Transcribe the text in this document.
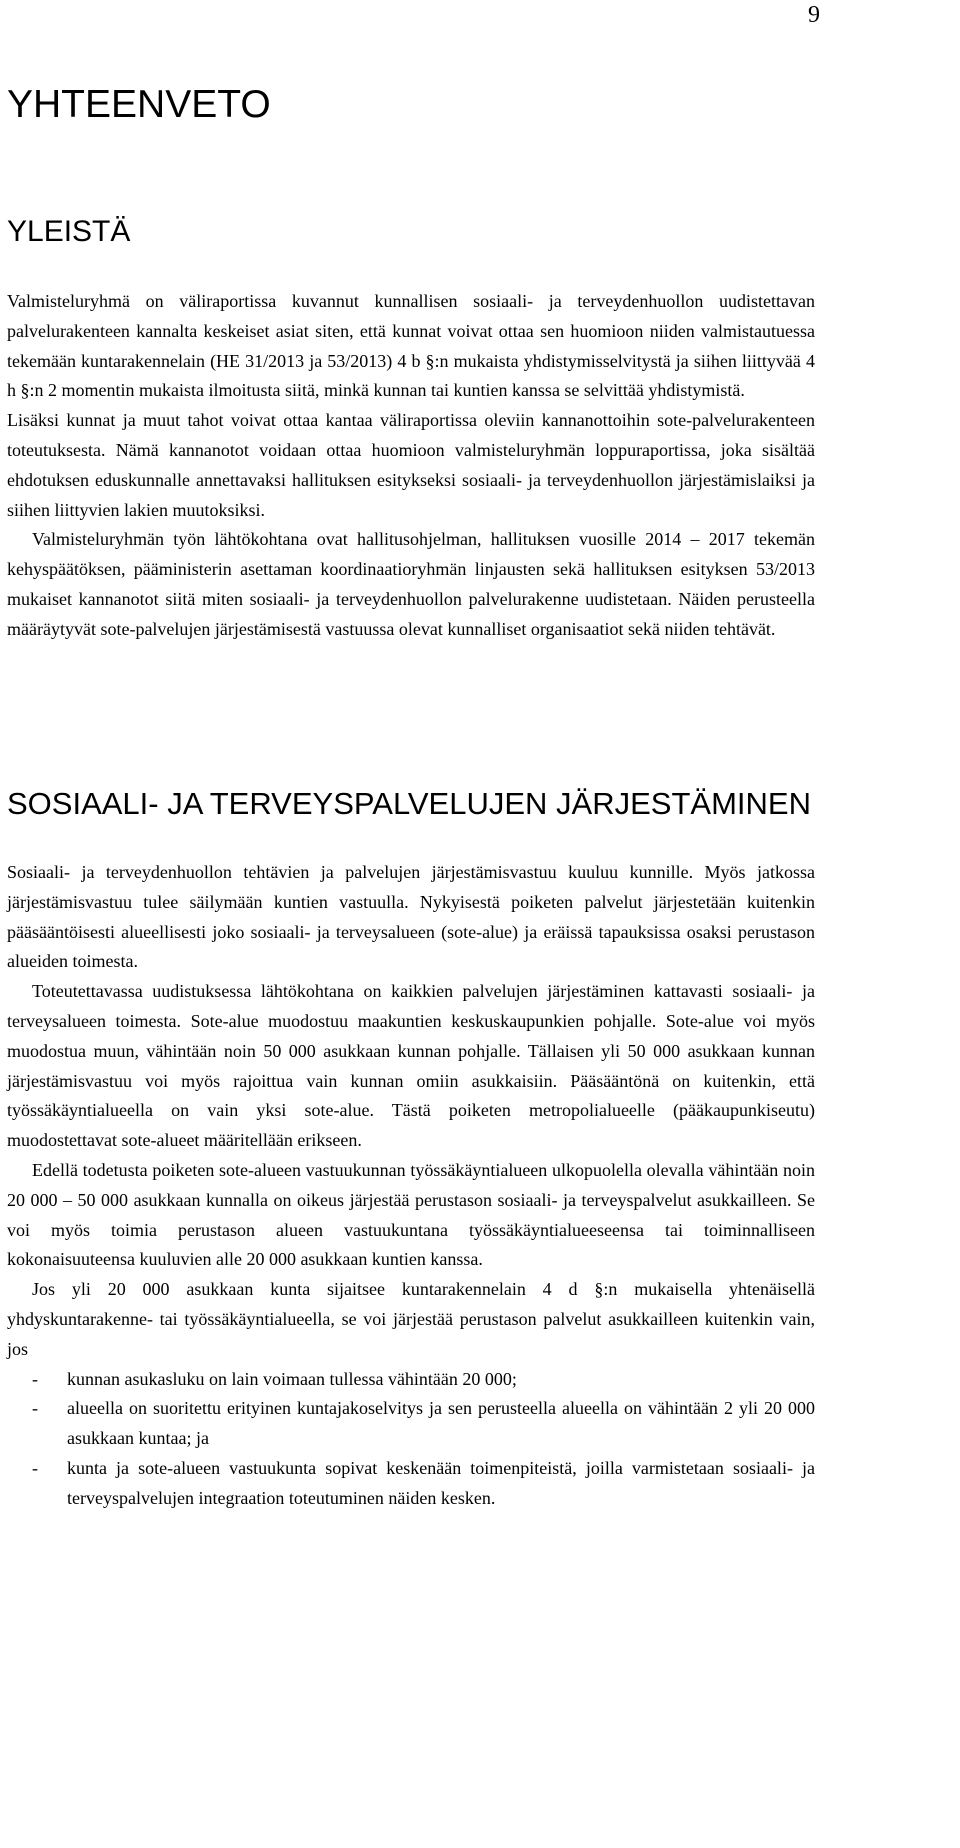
9
YHTEENVETO
YLEISTÄ

Valmisteluryhmä on väliraportissa kuvannut kunnallisen sosiaali- ja terveydenhuollon uudistettavan palvelurakenteen kannalta keskeiset asiat siten, että kunnat voivat ottaa sen huomioon niiden valmistautuessa tekemään kuntarakennelain (HE 31/2013 ja 53/2013) 4 b §:n mukaista yhdistymisselvitystä ja siihen liittyvää 4 h §:n 2 momentin mukaista ilmoitusta siitä, minkä kunnan tai kuntien kanssa se selvittää yhdistymistä.

Lisäksi kunnat ja muut tahot voivat ottaa kantaa väliraportissa oleviin kannanottoihin sote-palvelurakenteen toteutuksesta. Nämä kannanotot voidaan ottaa huomioon valmisteluryhmän loppuraportissa, joka sisältää ehdotuksen eduskunnalle annettavaksi hallituksen esitykseksi sosiaali- ja terveydenhuollon järjestämislaiksi ja siihen liittyvien lakien muutoksiksi.

Valmisteluryhmän työn lähtökohtana ovat hallitusohjelman, hallituksen vuosille 2014 – 2017 tekemän kehyspäätöksen, pääministerin asettaman koordinaatioryhmän linjausten sekä hallituksen esityksen 53/2013 mukaiset kannanotot siitä miten sosiaali- ja terveydenhuollon palvelurakenne uudistetaan. Näiden perusteella määräytyvät sote-palvelujen järjestämisestä vastuussa olevat kunnalliset organisaatiot sekä niiden tehtävät.

SOSIAALI- JA TERVEYSPALVELUJEN JÄRJESTÄMINEN

Sosiaali- ja terveydenhuollon tehtävien ja palvelujen järjestämisvastuu kuuluu kunnille. Myös jatkossa järjestämisvastuu tulee säilymään kuntien vastuulla. Nykyisestä poiketen palvelut järjestetään kuitenkin pääsääntöisesti alueellisesti joko sosiaali- ja terveysalueen (sote-alue) ja eräissä tapauksissa osaksi perustason alueiden toimesta.

Toteutettavassa uudistuksessa lähtökohtana on kaikkien palvelujen järjestäminen kattavasti sosiaali- ja terveysalueen toimesta. Sote-alue muodostuu maakuntien keskuskaupunkien pohjalle. Sote-alue voi myös muodostua muun, vähintään noin 50 000 asukkaan kunnan pohjalle. Tällaisen yli 50 000 asukkaan kunnan järjestämisvastuu voi myös rajoittua vain kunnan omiin asukkaisiin. Pääsääntönä on kuitenkin, että työssäkäyntialueella on vain yksi sote-alue. Tästä poiketen metropolialueelle (pääkaupunkiseutu) muodostettavat sote-alueet määritellään erikseen.

Edellä todetusta poiketen sote-alueen vastuukunnan työssäkäyntialueen ulkopuolella olevalla vähintään noin 20 000 – 50 000 asukkaan kunnalla on oikeus järjestää perustason sosiaali- ja terveyspalvelut asukkailleen. Se voi myös toimia perustason alueen vastuukuntana työssäkäyntialueeseensa tai toiminnalliseen kokonaisuuteensa kuuluvien alle 20 000 asukkaan kuntien kanssa.

Jos yli 20 000 asukkaan kunta sijaitsee kuntarakennelain 4 d §:n mukaisella yhtenäisellä yhdyskuntarakenne- tai työssäkäyntialueella, se voi järjestää perustason palvelut asukkailleen kuitenkin vain, jos

- kunnan asukasluku on lain voimaan tullessa vähintään 20 000;
- alueella on suoritettu erityinen kuntajakoselvitys ja sen perusteella alueella on vähintään 2 yli 20 000 asukkaan kuntaa; ja
- kunta ja sote-alueen vastuukunta sopivat keskenään toimenpiteistä, joilla varmistetaan sosiaali- ja terveyspalvelujen integraation toteutuminen näiden kesken.
